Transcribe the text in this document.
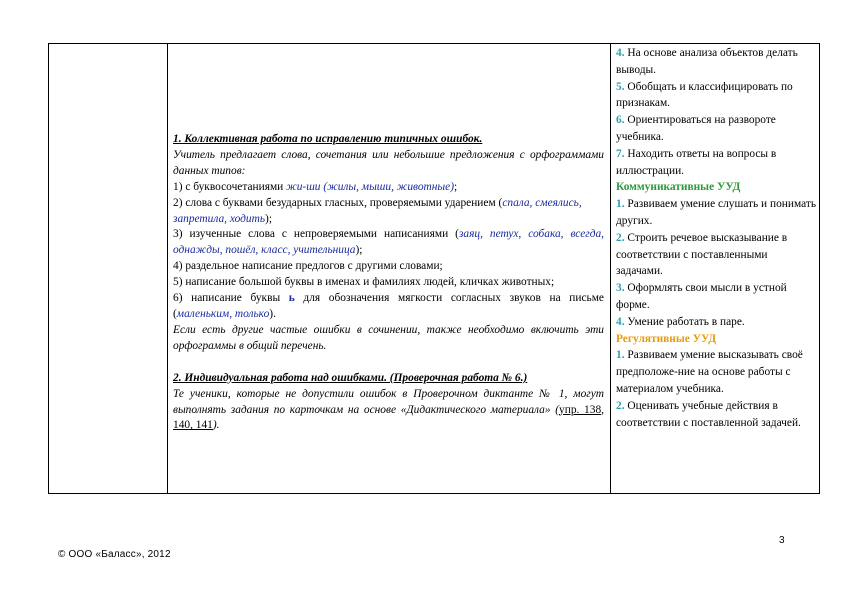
1. Коллективная работа по исправлению типичных ошибок.

Учитель предлагает слова, сочетания или небольшие предложения с орфограммами данных типов:

1) с буквосочетаниями жи-ши (жилы, мыши, животные);

2) слова с буквами безударных гласных, проверяемыми ударением (спала, смеялись, запретила, ходить);

3) изученные слова с непроверяемыми написаниями (заяц, петух, собака, всегда, однажды, пошёл, класс, учительница);

4) раздельное написание предлогов с другими словами;

5) написание большой буквы в именах и фамилиях людей, кличках животных;

6) написание буквы ь для обозначения мягкости согласных звуков на письме (маленьким, только).

Если есть другие частые ошибки в сочинении, также необходимо включить эти орфограммы в общий перечень.

2. Индивидуальная работа над ошибками. (Проверочная работа № 6.)

Те ученики, которые не допустили ошибок в Проверочном диктанте № 1, могут выполнять задания по карточкам на основе «Дидактического материала» (упр. 138, 140, 141).

4. На основе анализа объектов делать выводы.

5. Обобщать и классифицировать по признакам.

6. Ориентироваться на развороте учебника.

7. Находить ответы на вопросы в иллюстрации.

Коммуникативные УУД

1. Развиваем умение слушать и понимать других.

2. Строить речевое высказывание в соответствии с поставленными задачами.

3. Оформлять свои мысли в устной форме.

4. Умение работать в паре.

Регулятивные УУД

1. Развиваем умение высказывать своё предположе-ние на основе работы с материалом учебника.

2. Оценивать учебные действия в соответствии с поставленной задачей.

3
© ООО «Баласс», 2012
